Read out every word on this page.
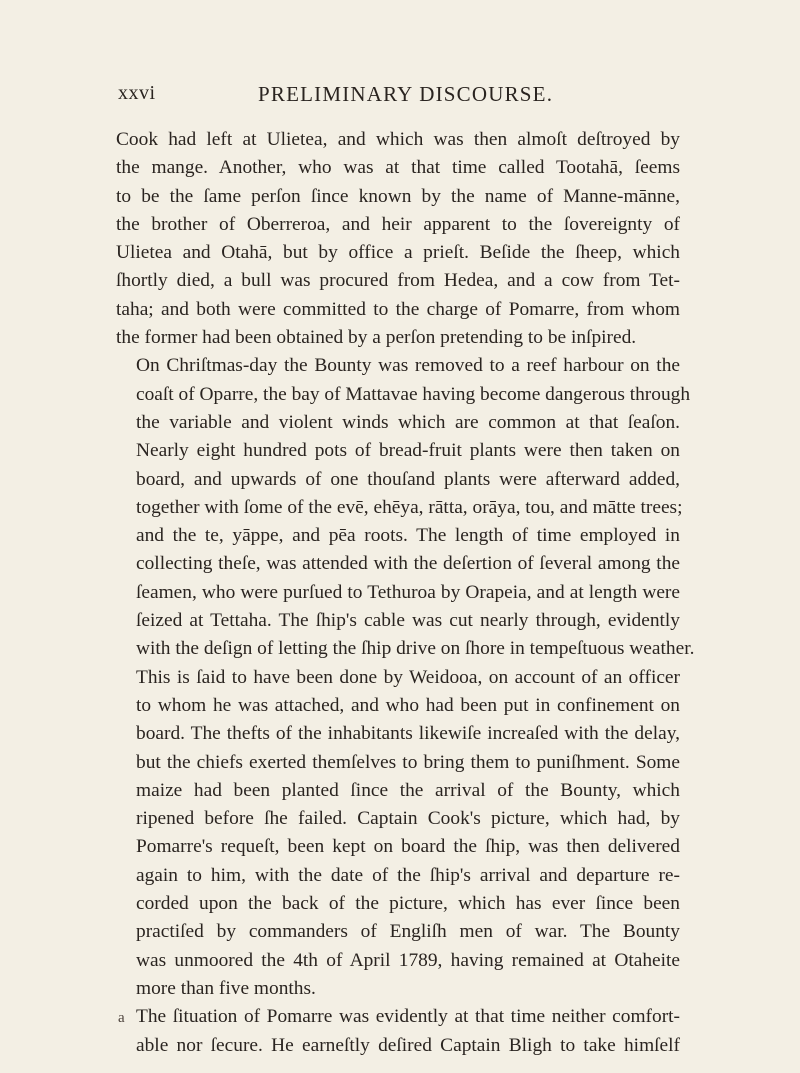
xxvi	PRELIMINARY DISCOURSE.

Cook had left at Ulietea, and which was then almoſt deſtroyed by
the mange. Another, who was at that time called Tootahā, ſeems
to be the ſame perſon ſince known by the name of Manne-mānne,
the brother of Oberreroa, and heir apparent to the ſovereignty of
Ulietea and Otahā, but by office a prieſt. Beſide the ſheep, which
ſhortly died, a bull was procured from Hedea, and a cow from Tet-
taha; and both were committed to the charge of Pomarre, from whom
the former had been obtained by a perſon pretending to be inſpired.

On Chriſtmas-day the Bounty was removed to a reef harbour on the
coaſt of Oparre, the bay of Mattavae having become dangerous through
the variable and violent winds which are common at that ſeaſon.
Nearly eight hundred pots of bread-fruit plants were then taken on
board, and upwards of one thouſand plants were afterward added,
together with ſome of the evē, ehēya, rātta, orāya, tou, and mātte trees;
and the te, yāppe, and pēa roots. The length of time employed in
collecting theſe, was attended with the deſertion of ſeveral among the
ſeamen, who were purſued to Tethuroa by Orapeia, and at length were
ſeized at Tettaha. The ſhip's cable was cut nearly through, evidently
with the deſign of letting the ſhip drive on ſhore in tempeſtuous weather.
This is ſaid to have been done by Weidooa, on account of an officer
to whom he was attached, and who had been put in confinement on
board. The thefts of the inhabitants likewiſe increaſed with the delay,
but the chiefs exerted themſelves to bring them to puniſhment. Some
maize had been planted ſince the arrival of the Bounty, which
ripened before ſhe failed. Captain Cook's picture, which had, by
Pomarre's requeſt, been kept on board the ſhip, was then delivered
again to him, with the date of the ſhip's arrival and departure re-
corded upon the back of the picture, which has ever ſince been
practiſed by commanders of Engliſh men of war. The Bounty
was unmoored the 4th of April 1789, having remained at Otaheite
more than five months.

The ſituation of Pomarre was evidently at that time neither comfort-
able nor ſecure. He earneſtly deſired Captain Bligh to take himſelf

a
